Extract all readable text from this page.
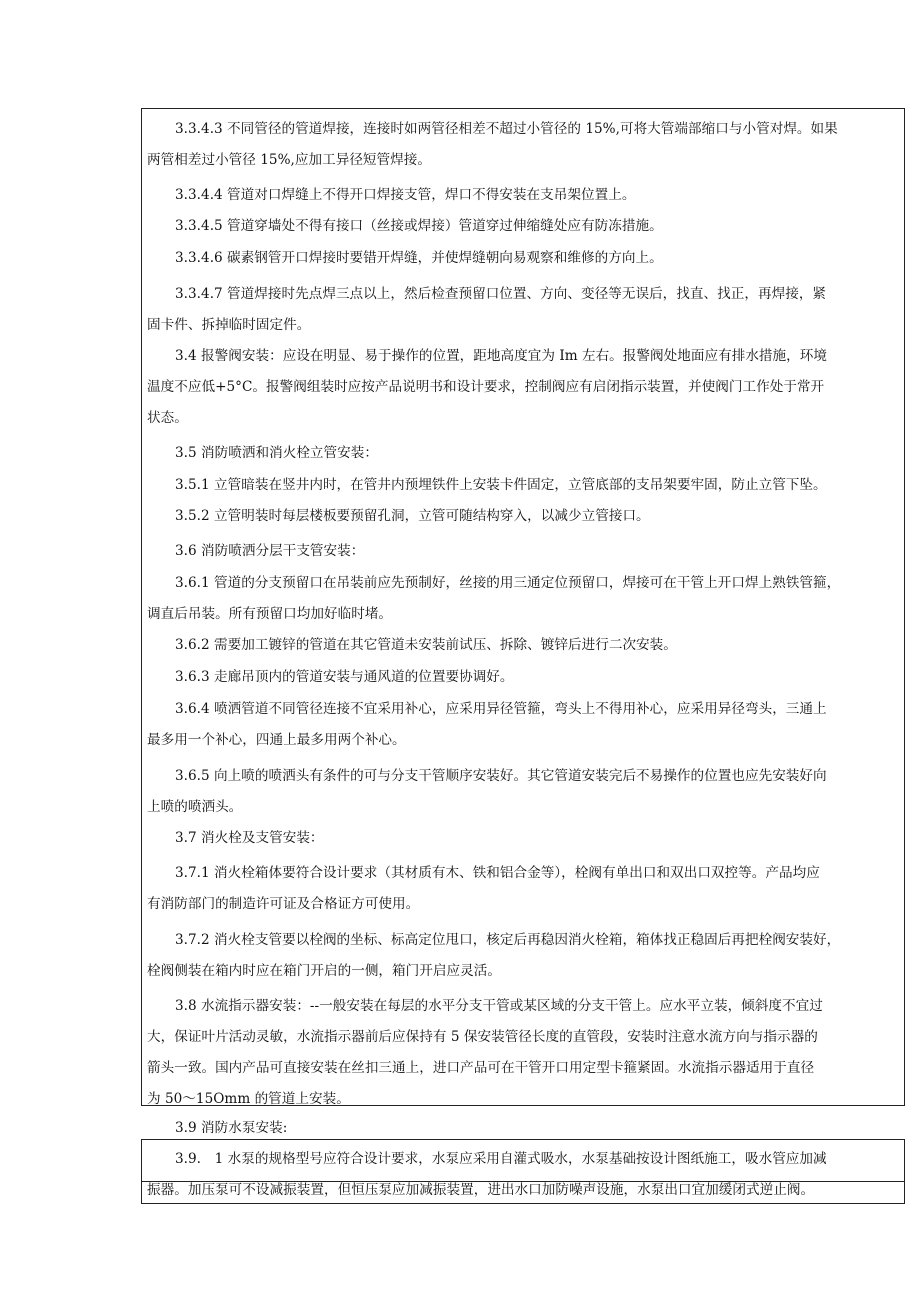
3.3.4.3 不同管径的管道焊接，连接时如两管径相差不超过小管径的 15%,可将大管端部缩口与小管对焊。如果
两管相差过小管径 15%,应加工异径短管焊接。
3.3.4.4 管道对口焊缝上不得开口焊接支管，焊口不得安装在支吊架位置上。
3.3.4.5 管道穿墙处不得有接口（丝接或焊接）管道穿过伸缩缝处应有防冻措施。
3.3.4.6 碳素钢管开口焊接时要错开焊缝，并使焊缝朝向易观察和维修的方向上。
3.3.4.7 管道焊接时先点焊三点以上，然后检查预留口位置、方向、变径等无误后，找直、找正，再焊接，紧
固卡件、拆掉临时固定件。
3.4 报警阀安装：应设在明显、易于操作的位置，距地高度宜为 Im 左右。报警阀处地面应有排水措施，环境
温度不应低+5°C。报警阀组装时应按产品说明书和设计要求，控制阀应有启闭指示装置，并使阀门工作处于常开
状态。
3.5 消防喷洒和消火栓立管安装：
3.5.1 立管暗装在竖井内时，在管井内预埋铁件上安装卡件固定，立管底部的支吊架要牢固，防止立管下坠。
3.5.2 立管明装时每层楼板要预留孔洞，立管可随结构穿入，以减少立管接口。
3.6 消防喷洒分层干支管安装：
3.6.1 管道的分支预留口在吊装前应先预制好，丝接的用三通定位预留口，焊接可在干管上开口焊上熟铁管箍，
调直后吊装。所有预留口均加好临时堵。
3.6.2 需要加工镀锌的管道在其它管道未安装前试压、拆除、镀锌后进行二次安装。
3.6.3 走廊吊顶内的管道安装与通风道的位置要协调好。
3.6.4 喷洒管道不同管径连接不宜采用补心，应采用异径管箍，弯头上不得用补心，应采用异径弯头，三通上
最多用一个补心，四通上最多用两个补心。
3.6.5 向上喷的喷洒头有条件的可与分支干管顺序安装好。其它管道安装完后不易操作的位置也应先安装好向
上喷的喷洒头。
3.7 消火栓及支管安装：
3.7.1 消火栓箱体要符合设计要求（其材质有木、铁和铝合金等），栓阀有单出口和双出口双控等。产品均应
有消防部门的制造许可证及合格证方可使用。
3.7.2 消火栓支管要以栓阀的坐标、标高定位甩口，核定后再稳因消火栓箱，箱体找正稳固后再把栓阀安装好，
栓阀侧装在箱内时应在箱门开启的一侧，箱门开启应灵活。
3.8 水流指示器安装：--一般安装在每层的水平分支干管或某区域的分支干管上。应水平立装，倾斜度不宜过
大，保证叶片活动灵敏，水流指示器前后应保持有 5 保安装管径长度的直管段，安装时注意水流方向与指示器的
箭头一致。国内产品可直接安装在丝扣三通上，进口产品可在干管开口用定型卡箍紧固。水流指示器适用于直径
为 50～15Omm 的管道上安装。
3.9 消防水泵安装:
3.9.　1 水泵的规格型号应符合设计要求，水泵应采用自灌式吸水，水泵基础按设计图纸施工，吸水管应加减
振器。加压泵可不设减振装置，但恒压泵应加减振装置，进出水口加防噪声设施，水泵出口宜加缓闭式逆止阀。
